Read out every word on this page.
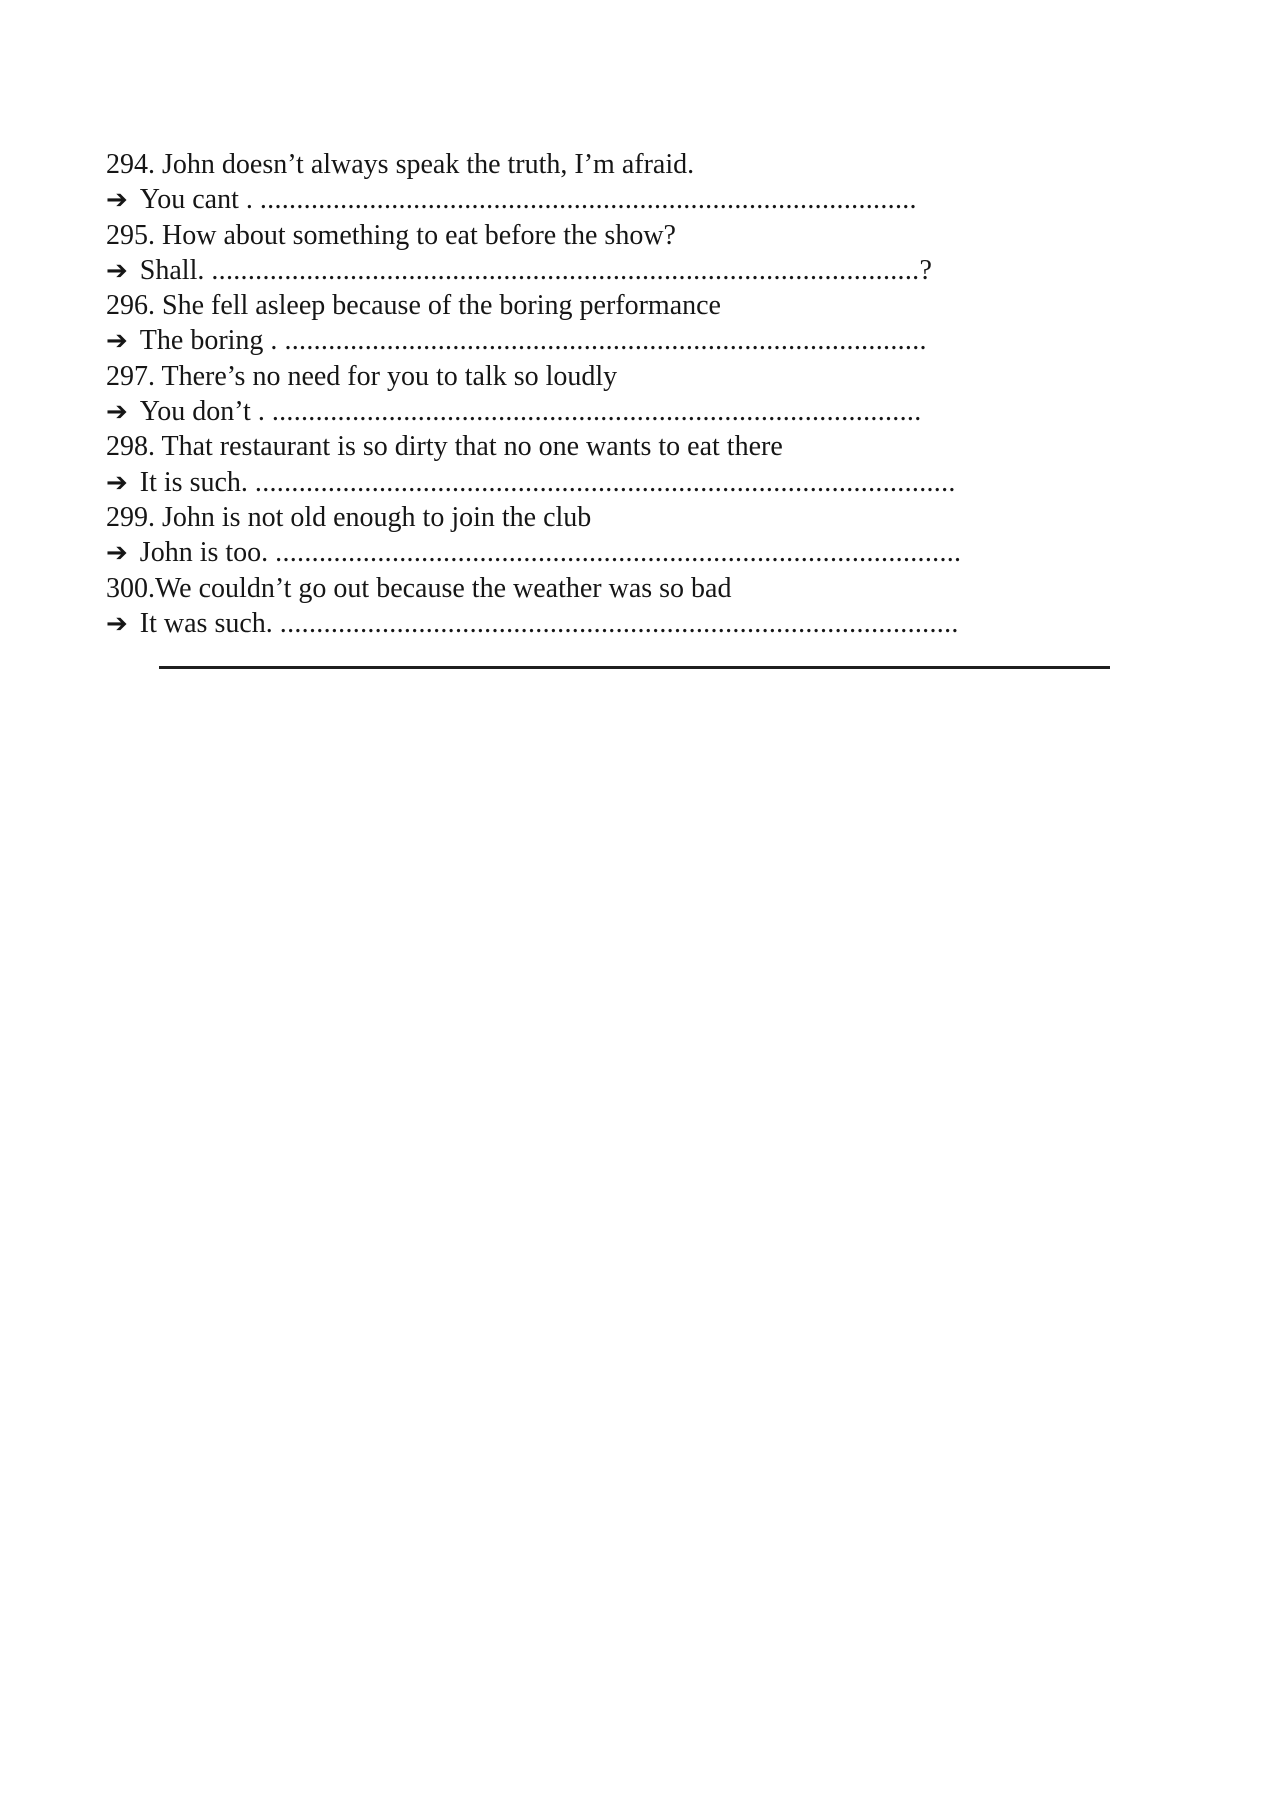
294. John doesn’t always speak the truth, I’m afraid.
➔ You cant . ..........................................................................................
295. How about something to eat before the show?
➔ Shall. .................................................................................................?
296. She fell asleep because of the boring performance
➔ The boring . ........................................................................................
297. There’s no need for you to talk so loudly
➔ You don’t . .........................................................................................
298. That restaurant is so dirty that no one wants to eat there
➔ It is such. ................................................................................................
299. John is not old enough to join the club
➔ John is too. ..............................................................................................
300.We couldn’t go out because the weather was so bad
➔ It was such. .............................................................................................
